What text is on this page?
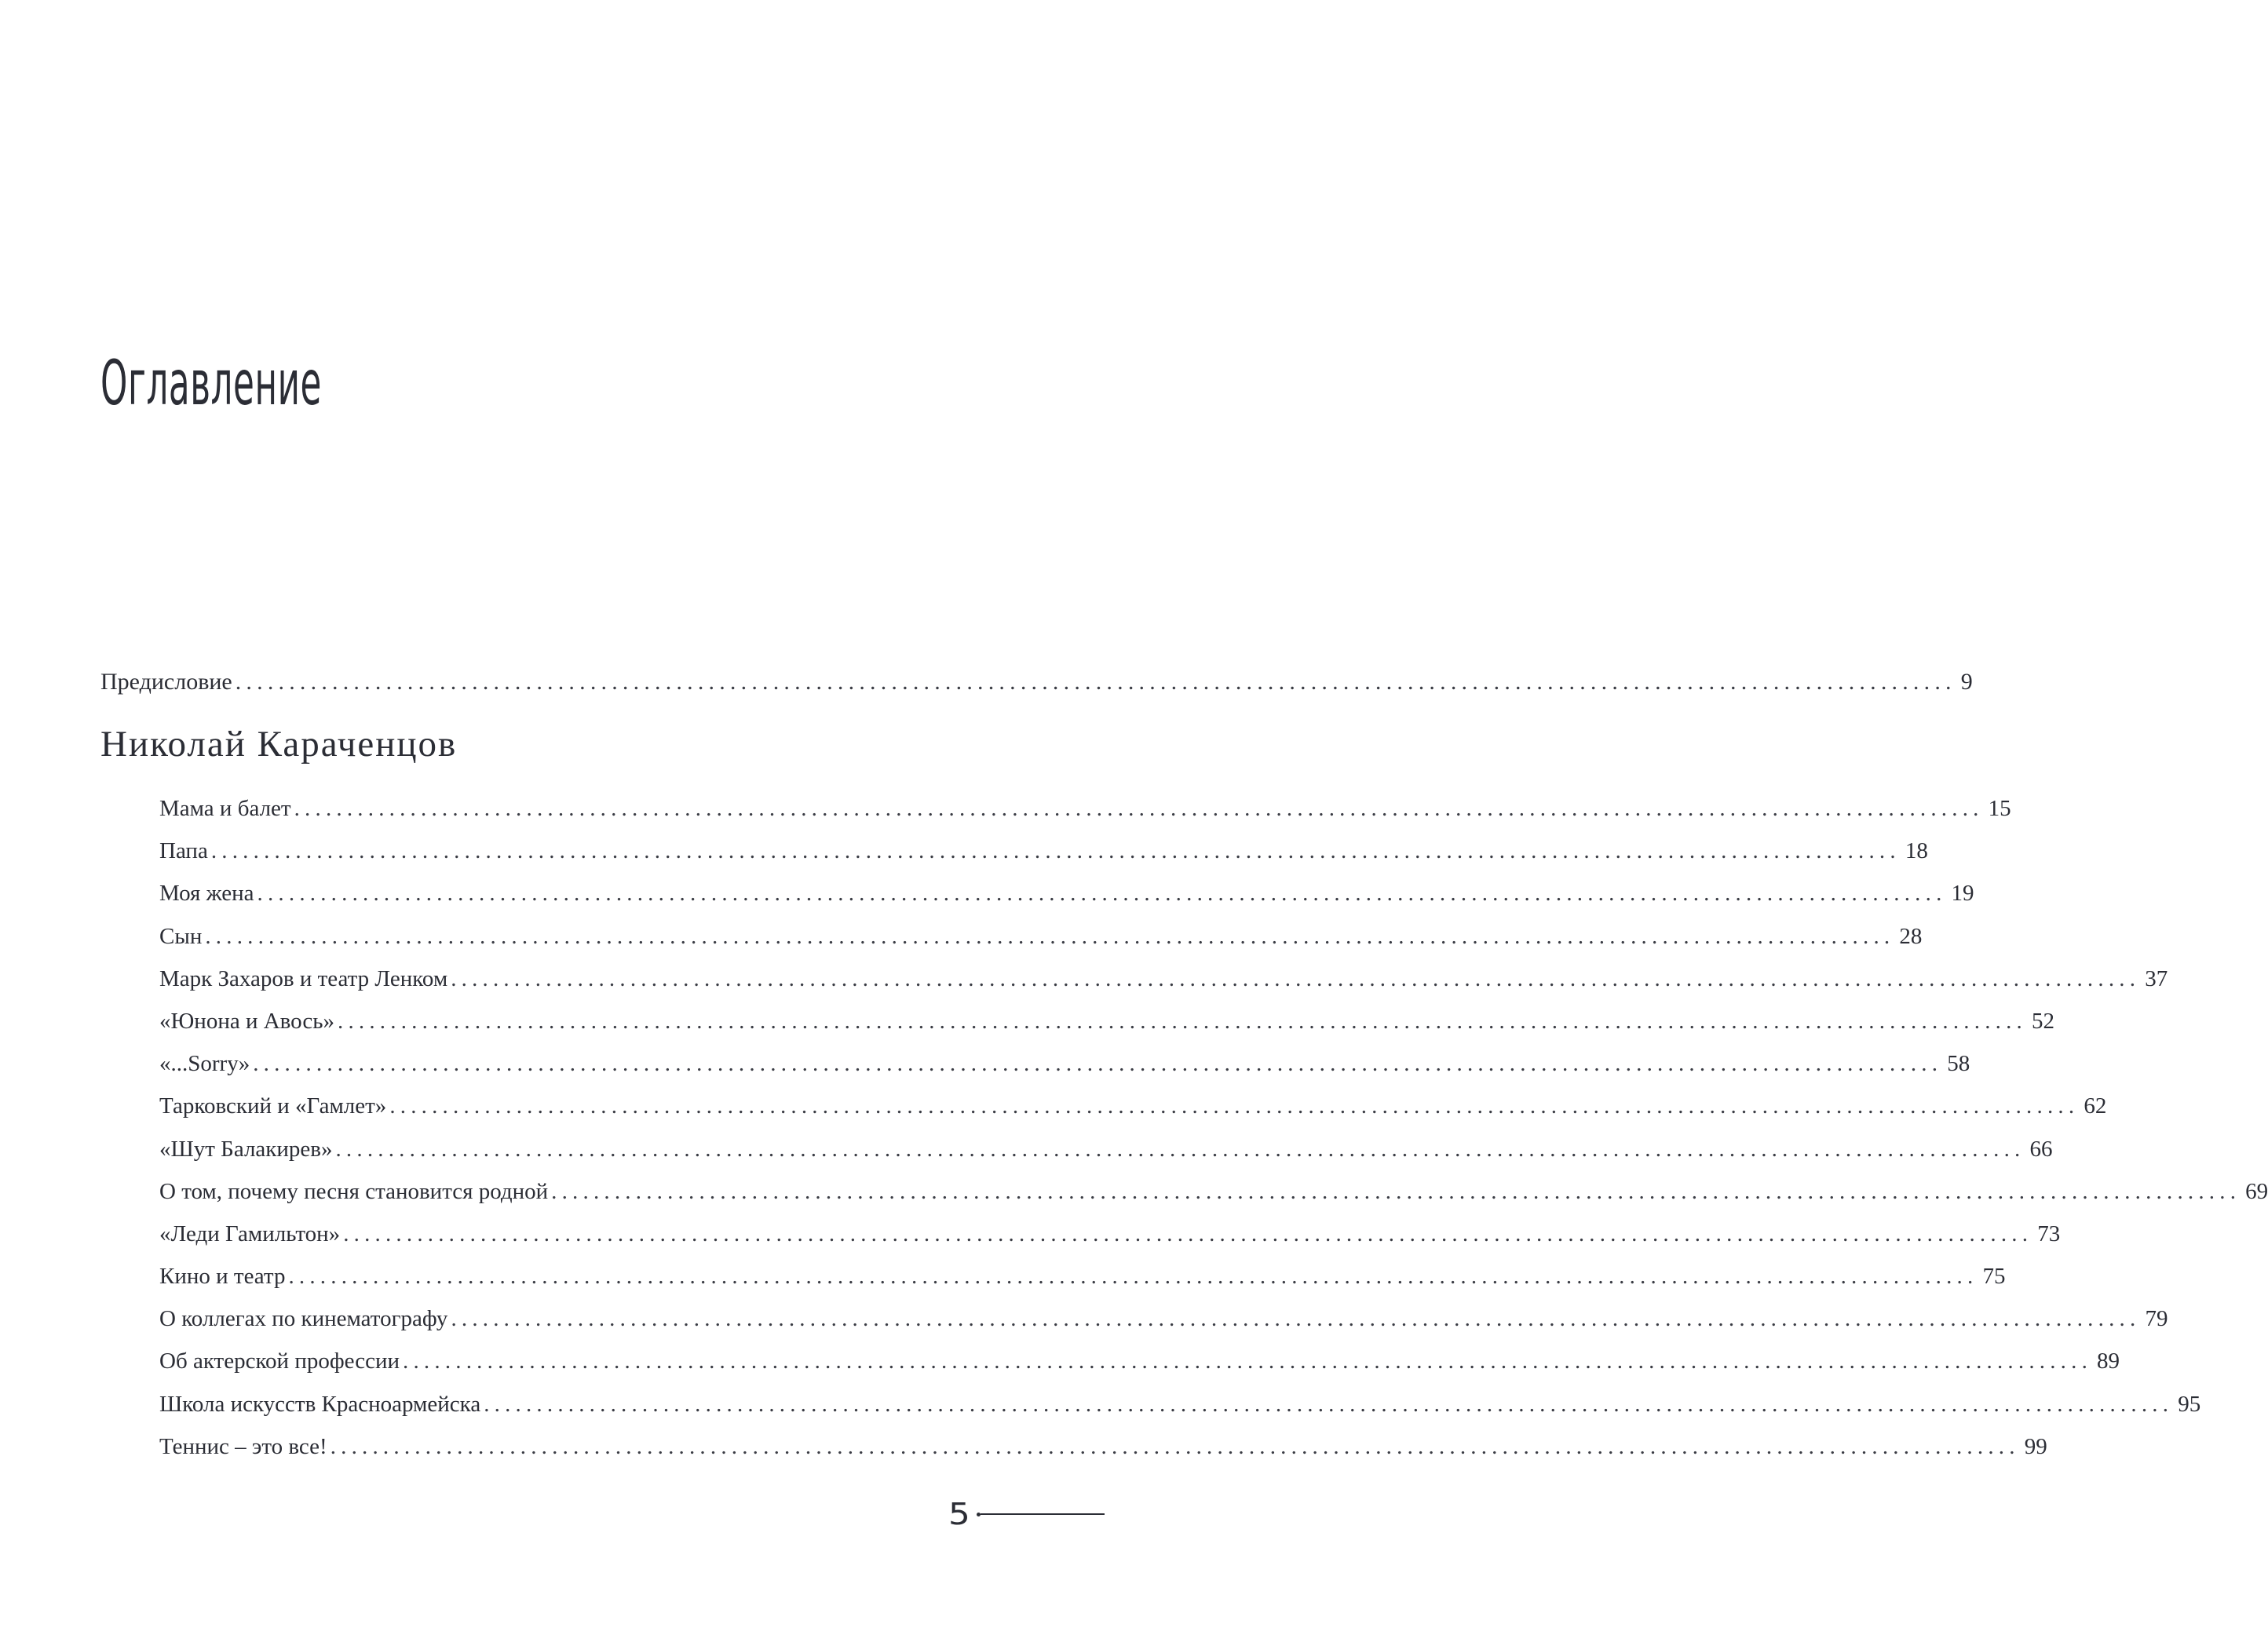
Оглавление
Предисловие ................................................................................................................................................................ 9
Николай Караченцов
Мама и балет ................................................................................................................................................................ 15
Папа ................................................................................................................................................................ 18
Моя жена ................................................................................................................................................................ 19
Сын ................................................................................................................................................................ 28
Марк Захаров и театр Ленком ................................................................................................................................................................ 37
«Юнона и Авось» ................................................................................................................................................................ 52
«...Sorry» ................................................................................................................................................................ 58
Тарковский и «Гамлет» ................................................................................................................................................................ 62
«Шут Балакирев» ................................................................................................................................................................ 66
О том, почему песня становится родной ................................................................................................................................................................ 69
«Леди Гамильтон» ................................................................................................................................................................ 73
Кино и театр ................................................................................................................................................................ 75
О коллегах по кинематографу ................................................................................................................................................................ 79
Об актерской профессии ................................................................................................................................................................ 89
Школа искусств Красноармейска ................................................................................................................................................................ 95
Теннис – это все! ................................................................................................................................................................ 99
5
